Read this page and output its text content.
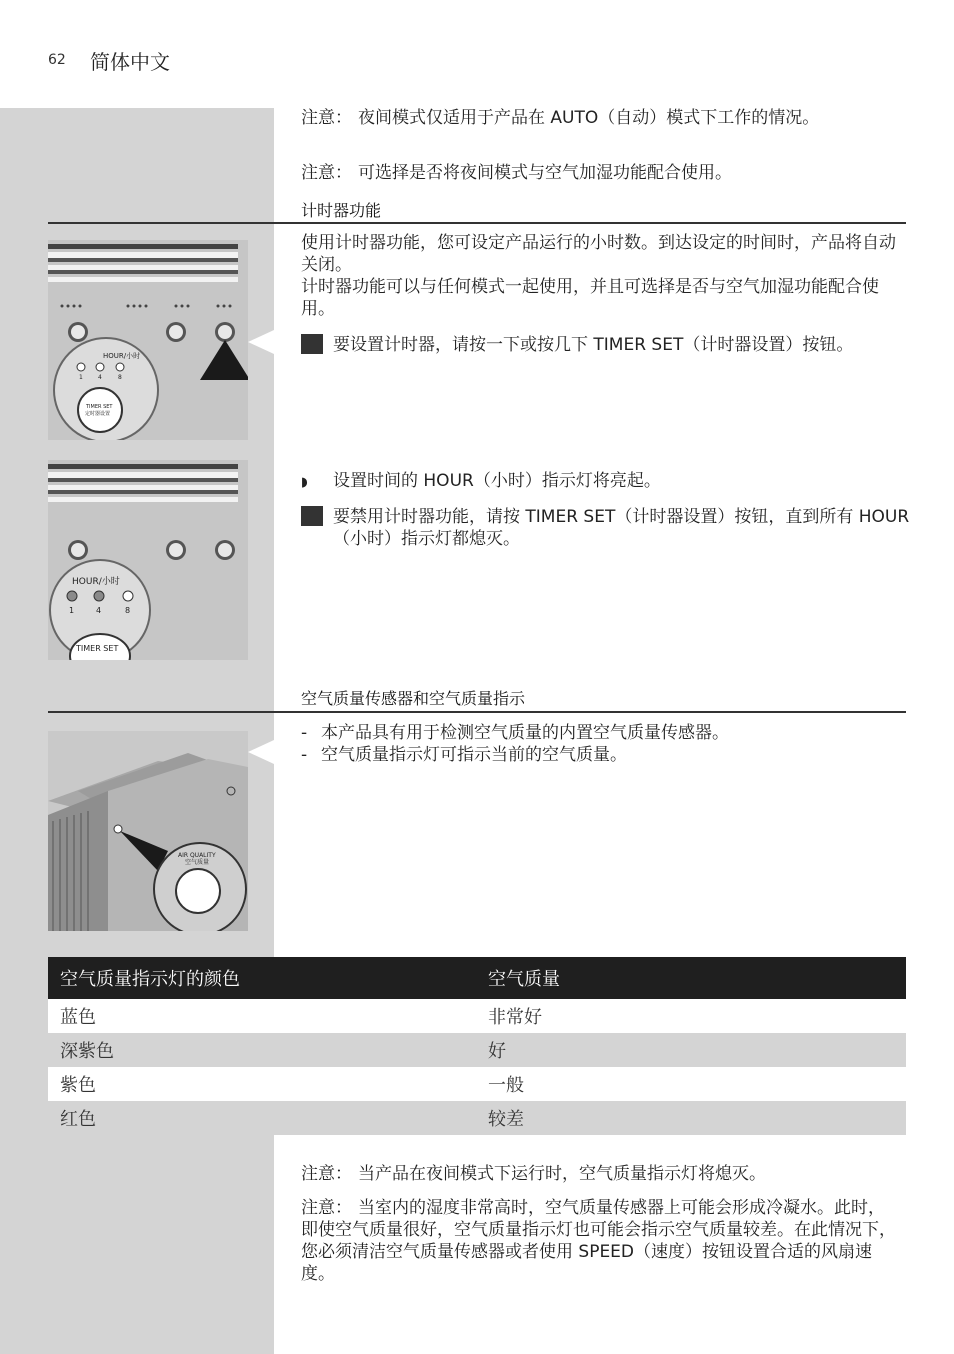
62 简体中文
注意： 夜间模式仅适用于产品在 AUTO（自动）模式下工作的情况。
注意： 可选择是否将夜间模式与空气加湿功能配合使用。
计时器功能
使用计时器功能，您可设定产品运行的小时数。到达设定的时间时，产品将自动关闭。
计时器功能可以与任何模式一起使用，并且可选择是否与空气加湿功能配合使用。
1 要设置计时器，请按一下或按几下 TIMER SET（计时器设置）按钮。
◗ 设置时间的 HOUR（小时）指示灯将亮起。
2 要禁用计时器功能，请按 TIMER SET（计时器设置）按钮，直到所有 HOUR（小时）指示灯都熄灭。
HOUR/小时
1	4	8
TIMER SET
定时器设置
HOUR/小时
1	4	8
TIMER SET
空气质量传感器和空气质量指示
- 本产品具有用于检测空气质量的内置空气质量传感器。
- 空气质量指示灯可指示当前的空气质量。
AIR QUALITY
空气质量
空气质量指示灯的颜色	空气质量
蓝色	非常好
深紫色	好
紫色	一般
红色	较差
注意： 当产品在夜间模式下运行时，空气质量指示灯将熄灭。
注意： 当室内的湿度非常高时，空气质量传感器上可能会形成冷凝水。此时，即使空气质量很好，空气质量指示灯也可能会指示空气质量较差。在此情况下，您必须清洁空气质量传感器或者使用 SPEED（速度）按钮设置合适的风扇速度。
